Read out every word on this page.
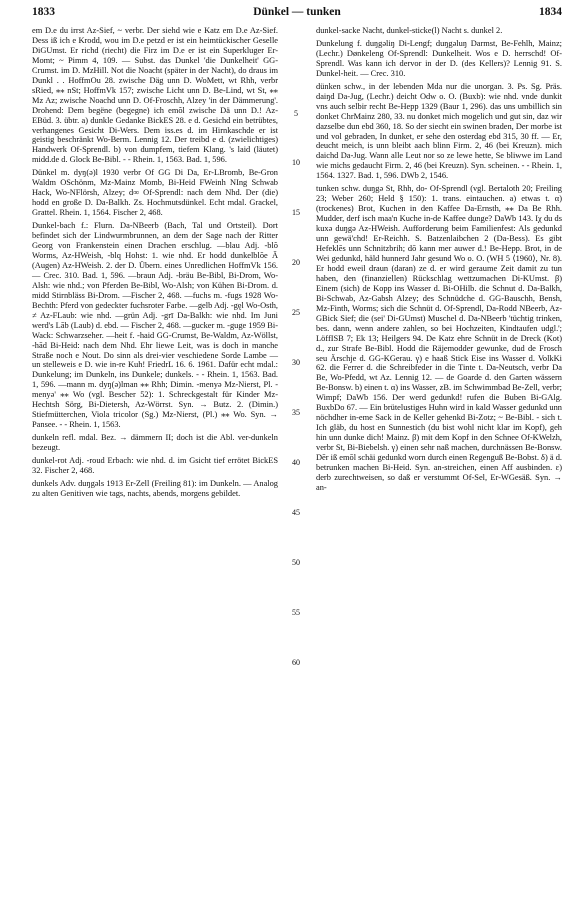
Dünkel — tunken
1833	1834

em D.e du irrst Az-Sief, ~ verbr. Der siehd wie e Katz em D.e Az-Sief. Dess iß ich e Krodd, wou im D.e petzd er ist ein heimtückischer Geselle DiGUmst. Er richd (riecht) die Firz im D.e er ist ein Superkluger Er-Momt; ~ Pimm 4, 109. — Subst. das Dunkel 'die Dunkelheit' GG-Crumst. im D. MzHill. Not die Noacht (später in der Nacht), do draus im Dunkl . . HoffmOu 28. zwische Däg unn D. WoMett, wt Rhh, verbr sRied, ⁎⁎ nSt; HoffmVk 157; zwische Licht unn D. Be-Lind, wt St, ⁎⁎ Mz Az; zwische Noachd unn D. Of-Froschh, Alzey 'in der Dämmerung'. Drohend: Dem begëne (begegne) ich emõl zwische Dä unn D.! Az-EBüd. 3. übtr. a) dunkle Gedanke BickES 28. e d. Gesichd ein betrübtes, verhangenes Gesicht Di-Wers. Dem iss.es d. im Hirnkaschde er ist geistig beschränkt Wo-Berm. Lennig 12. Der treibd e d. (zwielichtiges) Handwerk Of-Sprendl. b) von dumpfem, tiefem Klang. 's laid (läutet) midd.de d. Glock Be-Bibl. - - Rhein. 1, 1563. Bad. 1, 596.

Dünkel m. dyŋ(ə)l 1930 verbr Of GG Di Da, Er-LBromb, Be-Gron Waldm OSchönm, Mz-Mainz Momb, Bi-Heid FWeinh NIng Schwab Hack, Wo-NFlörsh, Alzey; d∞ Of-Sprendl: nach dem Nhd. Der (die) hodd en große D. Da-Balkh. Zs. Hochmutsdünkel. Echt mdal. Grackel, Grattel. Rhein. 1, 1564. Fischer 2, 468.

Dunkel-bach f.: Flurn. Da-NBeerb (Bach, Tal und Ortsteil). Dort befindet sich der Lindwurmbrunnen, an dem der Sage nach der Ritter Georg von Frankenstein einen Drachen erschlug. —blau Adj. -blõ Worms, Az-HWeish, -blq Hohst: 1. wie nhd. Er hodd dunkelblõe Ā (Augen) Az-HWeish. 2. der D. Übern. eines Unredlichen HoffmVk 156. — Crec. 310. Bad. 1, 596. —braun Adj. -bräu Be-Bibl, Bi-Drom, Wo-Alsh: wie nhd.; von Pferden Be-Bibl, Wo-Alsh; von Kühen Bi-Drom. d. midd Stirnbläss Bi-Drom. —Fischer 2, 468. —fuchs m. -fugs 1928 Wo-Bechth: Pferd von gedeckter fuchsroter Farbe. —gelb Adj. -gęl Wo-Osth, ≠ Az-FLaub: wie nhd. —grün Adj. -grī Da-Balkh: wie nhd. Im Juni werd's Lāb (Laub) d. ebd. — Fischer 2, 468. —gucker m. -guge 1959 Bi-Wack: Schwarzseher. —heit f. -haid GG-Crumst, Be-Waldm, Az-Wöllst, -hād Bi-Heid: nach dem Nhd. Ehr liewe Leit, was is doch in manche Straße noch e Nout. Do sinn als drei-vier veschiedene Sorde Lambe — un stelleweis e D. wie in-re Kuh! FriedrL 16. 6. 1961. Dafür echt mdal.: Dunkelung; im Dunkeln, ins Dunkele; dunkels. - - Rhein. 1, 1563. Bad. 1, 596. —mann m. dyŋ(ə)lman ⁎⁎ Rhh; Dimin. -menyə Mz-Nierst, Pl. -menyə' ⁎⁎ Wo (vgl. Bescher 52): 1. Schreckgestalt für Kinder Mz-Hechtsh Sörg, Bi-Dietersh, Az-Wörrst. Syn. → Butz. 2. (Dimin.) Stiefmütterchen, Viola tricolor (Sg.) Mz-Nierst, (Pl.) ⁎⁎ Wo. Syn. → Pansee. - - Rhein. 1, 1563.

dunkeln refl. mdal. Bez. → dämmern II; doch ist die Abl. ver-dunkeln bezeugt.

dunkel-rot Adj. -roud Erbach: wie nhd. d. im Gsicht tief errötet BickES 32. Fischer 2, 468.

dunkels Adv. duŋgəls 1913 Er-Zell (Freiling 81): im Dunkeln. — Analog zu alten Genitiven wie tags, nachts, abends, morgens gebildet.

5
10
15
20
25
30
35
40
45
50
55
60

dunkel-sacke Nacht, dunkel-sticke(l) Nacht s. dunkel 2.

Dunkelung f. duŋgəliŋ Di-Lengf; duŋgəluŋ Darmst, Be-Fehlh, Mainz; (Lechr.) Dønkeleng Of-Sprendl: Dunkelheit. Wos e D. herrschd! Of-Sprendl. Was kann ich dervor in der D. (des Kellers)? Lennig 91. S. Dunkel-heit. — Crec. 310.

dünken schw., in der lebenden Mda nur die unorgan. 3. Ps. Sg. Präs. daiŋd Da-Jug, (Lechr.) deicht Odw o. O. (Buxb): wie nhd. vnde dunkit vns auch selbir recht Be-Hepp 1329 (Baur 1, 296). das uns umbillich sin donket ChrMainz 280, 33. nu donket mich mogelich und gut sin, daz wir dazselbe dun ebd 360, 18. So der siecht ein swinen braden, Der morbe ist und vol gebraden, In dunket, er sehe den osterdag ebd 315, 30 ff. — Er, deucht meich, is unn bleibt aach blinn Firm. 2, 46 (bei Kreuzn). mich daichd Da-Jug. Wann alle Leut nor so ze lewe hette, Se bliwwe im Land wie michs gedaucht Firm. 2, 46 (bei Kreuzn). Syn. scheinen. - - Rhein. 1, 1564. 1327. Bad. 1, 596. DWb 2, 1546.

tunken schw. duŋgə St, Rhh, do- Of-Sprendl (vgl. Bertaloth 20; Freiling 23; Weber 260; Held § 150): 1. trans. eintauchen. a) etwas t. α) (trockenes) Brot, Kuchen in den Kaffee Da-Ernsth, ⁎⁎ Da Be Rhh. Mudder, derf isch maa'n Kuche in-de Kaffee dunge? DaWb 143. Iχ du ds kuxə duŋgə Az-HWeish. Aufforderung beim Familienfest: Als gedunkd unn gewä'chd! Er-Reichh. S. Batzenlaibchen 2 (Da-Bess). Es gibt Hefeklēs unn Schnitzbrih; dō kann mer auwer d.! Be-Hepp. Brot, in de Wei gedunkd, häld hunnerd Jahr gesund Wo o. O. (WH 5 ⟨1960⟩, Nr. 8). Er hodd eweil draun (daran) ze d. er wird geraume Zeit damit zu tun haben, den (finanziellen) Rückschlag wettzumachen Di-KUmst. β) Einem (sich) de Kopp ins Wasser d. Bi-OHilb. die Schnut d. Da-Balkh, Bi-Schwab, Az-Gabsh Alzey; des Schnüdche d. GG-Bauschh, Bensh, Mz-Finth, Worms; sich die Schnüt d. Of-Sprendl, Da-Rodd NBeerb, Az-GBick Sief; die (sei' Di-GUmst) Muschel d. Da-NBeerb 'tüchtig trinken, bes. dann, wenn andere zahlen, so bei Hochzeiten, Kindtaufen udgl.'; LöffISB 7; Ek 13; Heilgers 94. De Katz ehre Schnüt in de Dreck (Kot) d., zur Strafe Be-Bibl. Hodd die Räjemodder gewunke, dud de Frosch seu Ärschje d. GG-KGerau. γ) e haaß Stick Eise ins Wasser d. VolkKi 62. die Ferrer d. die Schreibfeder in die Tinte t. Da-Neutsch, verbr Da Be, Wo-Pfedd, wt Az. Lennig 12. — de Goarde d. den Garten wässern Be-Bonsw. b) einen t. α) ins Wasser, zB. im Schwimmbad Be-Zell, verbr; Wimpf; DaWb 156. Der werd gedunkd! rufen die Buben Bi-GAlg. BuxbDo 67. — Ein brütelustiges Huhn wird in kald Wasser gedunkd unn nöchdher in-eme Sack in de Keller gehenkd Bi-Zotz; ~ Be-Bibl. - sich t. Ich gläb, du host en Sunnestich (du bist wohl nicht klar im Kopf), geh hin unn dunke dich! Mainz. β) mit dem Kopf in den Schnee Of-KWelzh, verbr St, Bi-Biebelsh. γ) einen sehr naß machen, durchnässen Be-Bonsw. Dēr iß emōl schäi gedunkd worn durch einen Regenguß Be-Bobst. δ) ä d. betrunken machen Bi-Heid. Syn. an-streichen, einen Aff ausbinden. ε) derb zurechtweisen, so daß er verstummt Of-Sel, Er-WGesäß. Syn. → an-
